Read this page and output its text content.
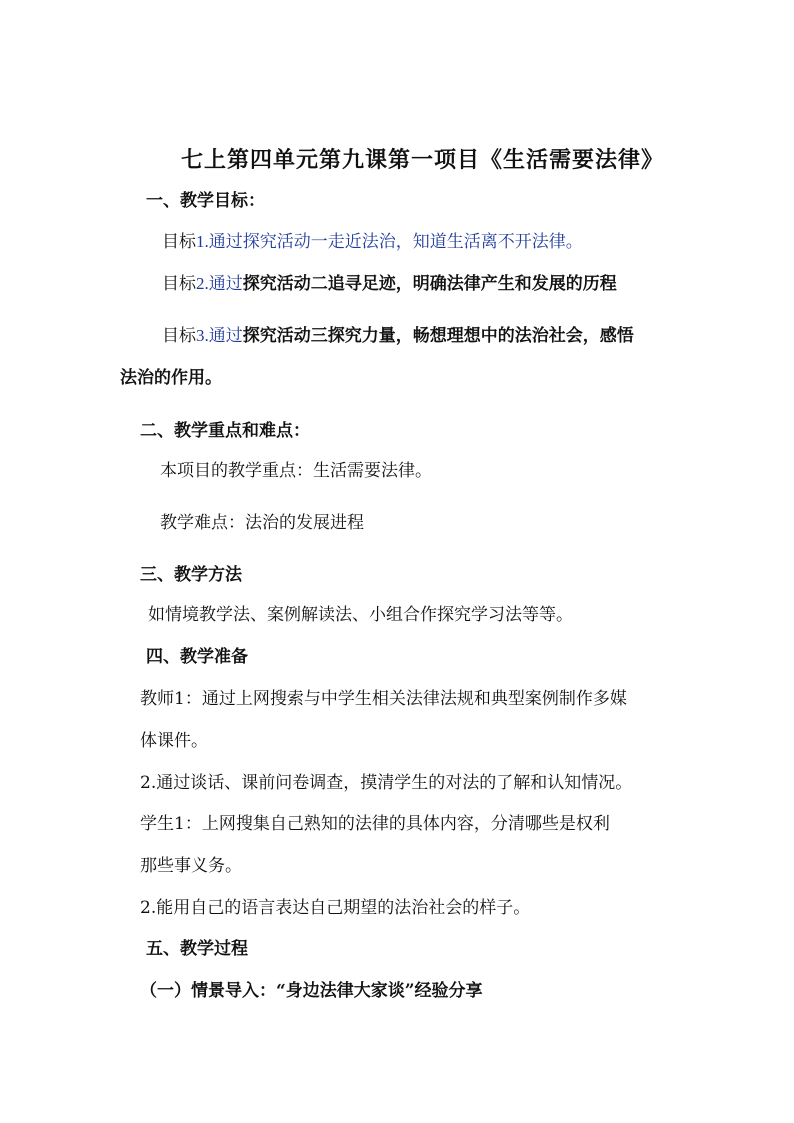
七上第四单元第九课第一项目《生活需要法律》
一、教学目标：
目标1.通过探究活动一走近法治，知道生活离不开法律。
目标2.通过探究活动二追寻足迹，明确法律产生和发展的历程
目标3.通过探究活动三探究力量，畅想理想中的法治社会，感悟
法治的作用。
二、教学重点和难点：
本项目的教学重点：生活需要法律。
教学难点：法治的发展进程
三、教学方法
如情境教学法、案例解读法、小组合作探究学习法等等。
四、教学准备
教师1：通过上网搜索与中学生相关法律法规和典型案例制作多媒
体课件。
2.通过谈话、课前问卷调查，摸清学生的对法的了解和认知情况。
学生1：上网搜集自己熟知的法律的具体内容，分清哪些是权利
那些事义务。
2.能用自己的语言表达自己期望的法治社会的样子。
五、教学过程
（一）情景导入：“身边法律大家谈”经验分享
